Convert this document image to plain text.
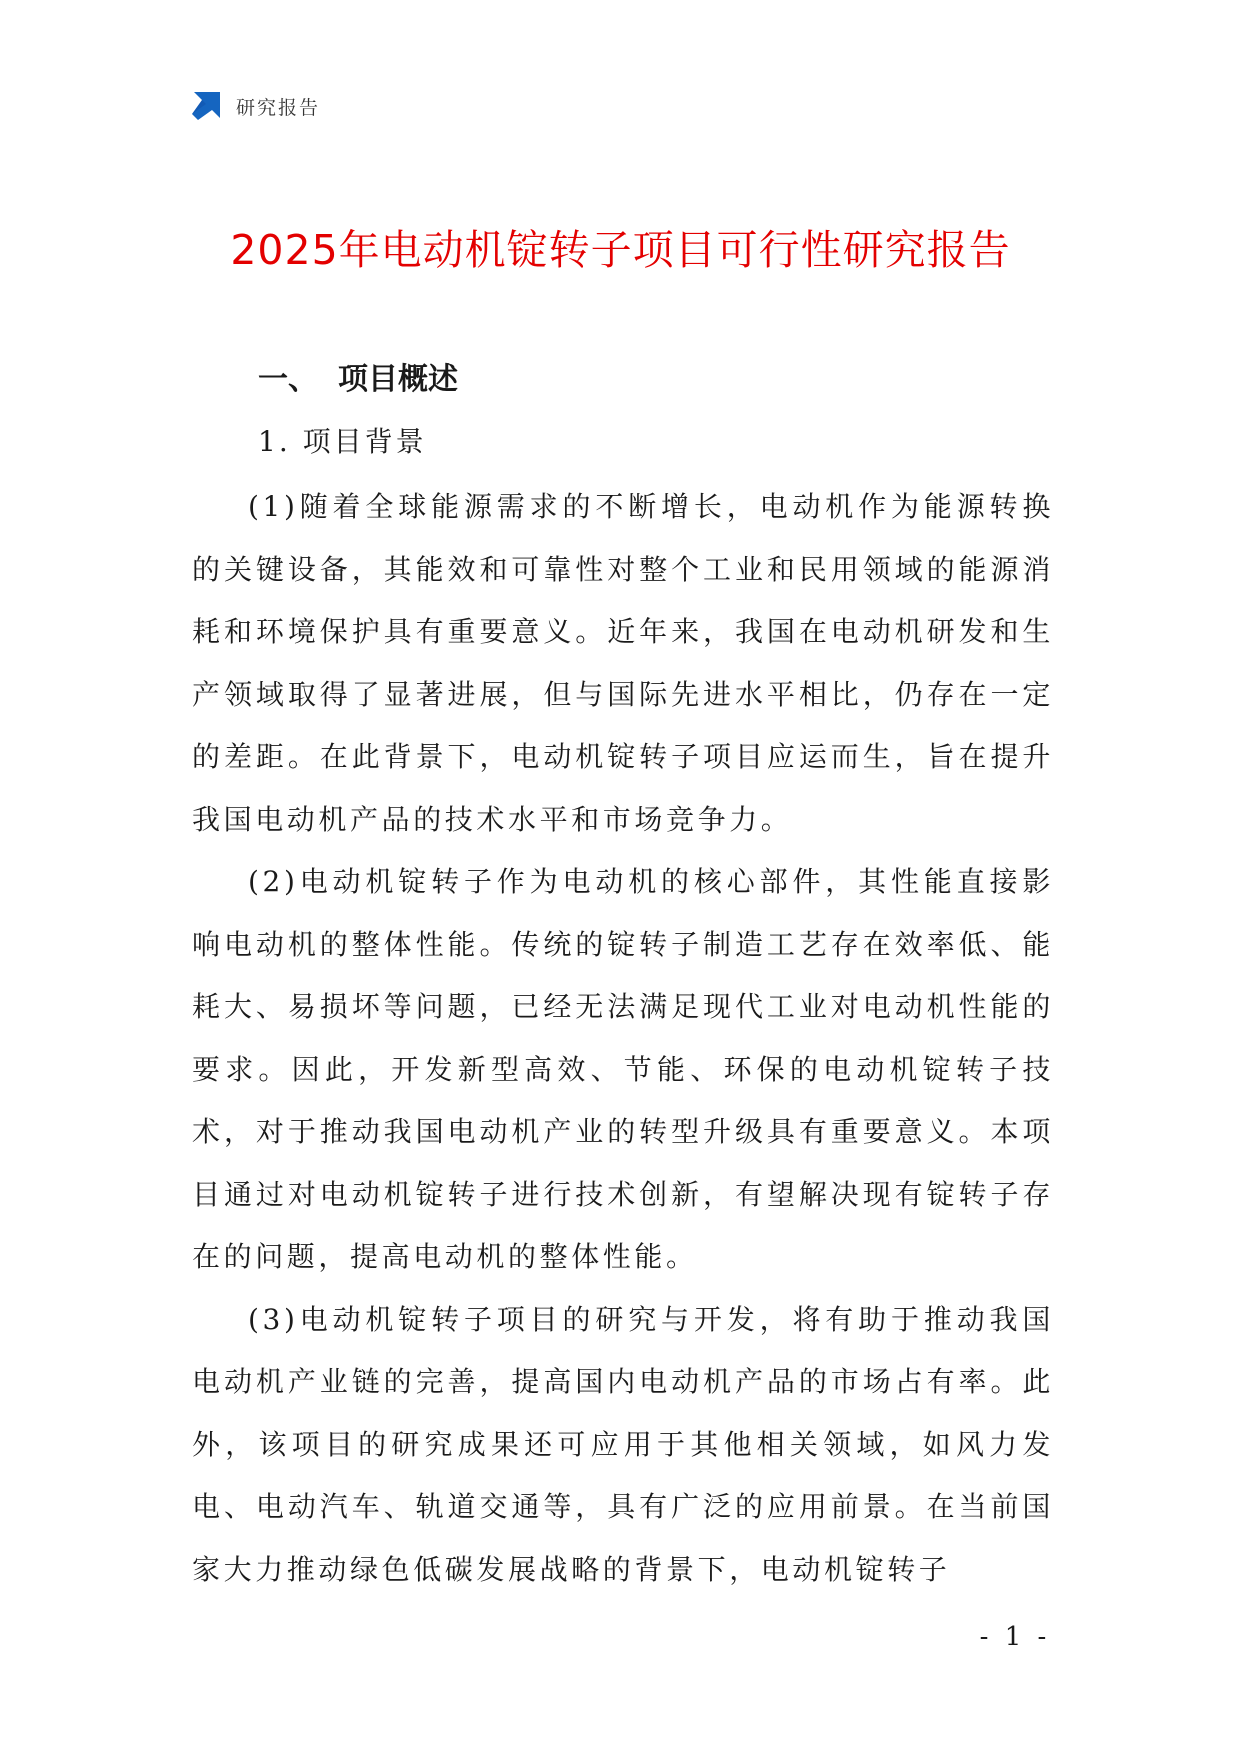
研究报告
2025年电动机锭转子项目可行性研究报告
一、 项目概述
1. 项目背景

(1)随着全球能源需求的不断增长，电动机作为能源转换的关键设备，其能效和可靠性对整个工业和民用领域的能源消耗和环境保护具有重要意义。近年来，我国在电动机研发和生产领域取得了显著进展，但与国际先进水平相比，仍存在一定的差距。在此背景下，电动机锭转子项目应运而生，旨在提升我国电动机产品的技术水平和市场竞争力。

(2)电动机锭转子作为电动机的核心部件，其性能直接影响电动机的整体性能。传统的锭转子制造工艺存在效率低、能耗大、易损坏等问题，已经无法满足现代工业对电动机性能的要求。因此，开发新型高效、节能、环保的电动机锭转子技术，对于推动我国电动机产业的转型升级具有重要意义。本项目通过对电动机锭转子进行技术创新，有望解决现有锭转子存在的问题，提高电动机的整体性能。

(3)电动机锭转子项目的研究与开发，将有助于推动我国电动机产业链的完善，提高国内电动机产品的市场占有率。此外，该项目的研究成果还可应用于其他相关领域，如风力发电、电动汽车、轨道交通等，具有广泛的应用前景。在当前国家大力推动绿色低碳发展战略的背景下，电动机锭转子

- 1 -
